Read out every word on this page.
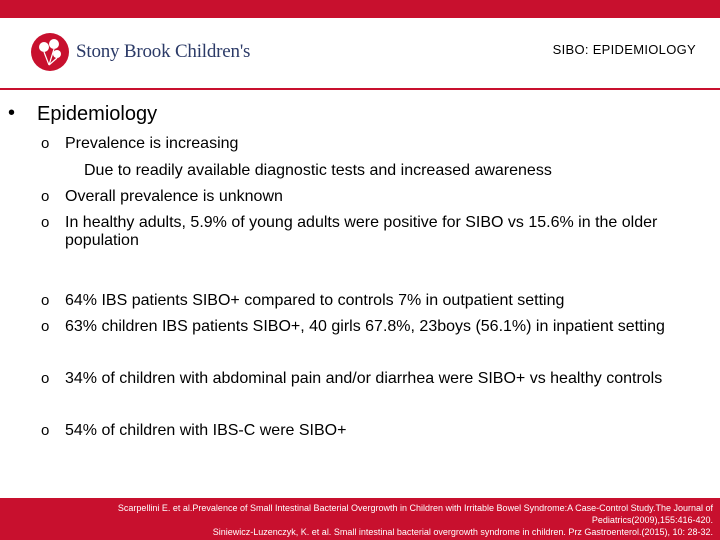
Stony Brook Children's	SIBO: EPIDEMIOLOGY
• Epidemiology
o Prevalence is increasing
Due to readily available diagnostic tests and increased awareness
o Overall prevalence is unknown
o In healthy adults, 5.9% of young adults were positive for SIBO vs 15.6% in the older population
o 64% IBS patients SIBO+ compared to controls 7% in outpatient setting
o 63% children IBS patients SIBO+, 40 girls 67.8%, 23boys (56.1%) in inpatient setting
o 34% of children with abdominal pain and/or diarrhea were SIBO+ vs healthy controls
o 54% of children with IBS-C were SIBO+
Scarpellini E. et al.Prevalence of Small Intestinal Bacterial Overgrowth in Children with Irritable Bowel Syndrome:A Case-Control Study.The Journal of
Pediatrics(2009),155:416-420.
Siniewicz-Luzenczyk, K. et al. Small intestinal bacterial overgrowth syndrome in children. Prz Gastroenterol.(2015), 10: 28-32.
